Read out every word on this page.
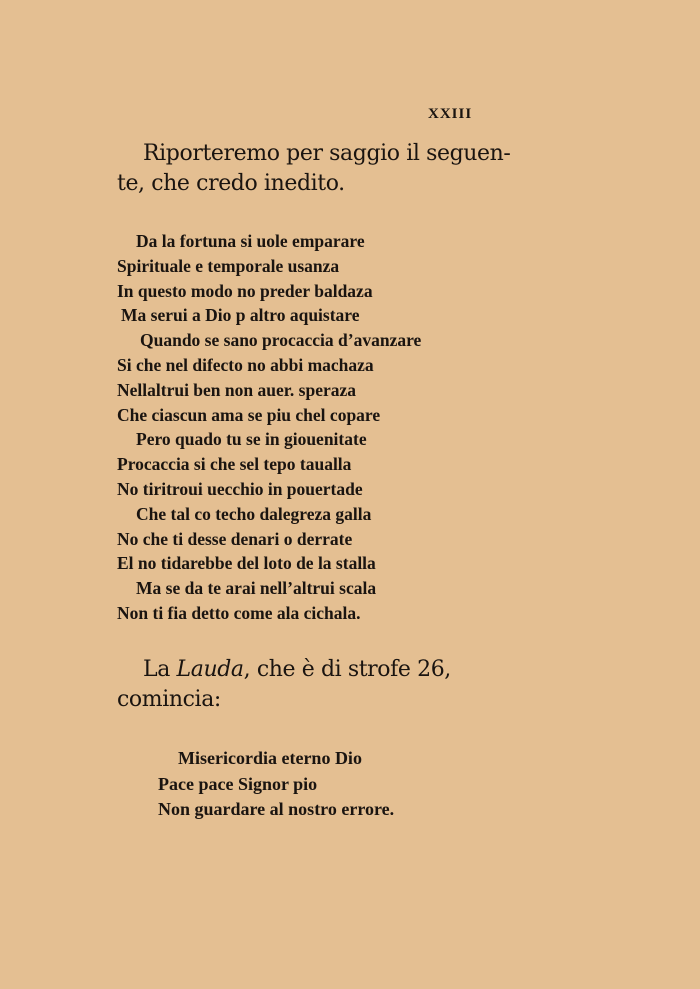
XXIII
Riporteremo per saggio il seguen-
te, che credo inedito.
Da la fortuna si uole emparare
Spirituale e temporale usanza
In questo modo no preder baldaza
Ma serui a Dio p altro aquistare
Quando se sano procaccia d’avanzare
Si che nel difecto no abbi machaza
Nellaltrui ben non auer. speraza
Che ciascun ama se piu chel copare
Pero quado tu se in giouenitate
Procaccia si che sel tepo taualla
No tiritroui uecchio in pouertade
Che tal co techo dalegreza galla
No che ti desse denari o derrate
El no tidarebbe del loto de la stalla
Ma se da te arai nell’altrui scala
Non ti fia detto come ala cichala.
La Lauda, che è di strofe 26,
comincia:
Misericordia eterno Dio
Pace pace Signor pio
Non guardare al nostro errore.
